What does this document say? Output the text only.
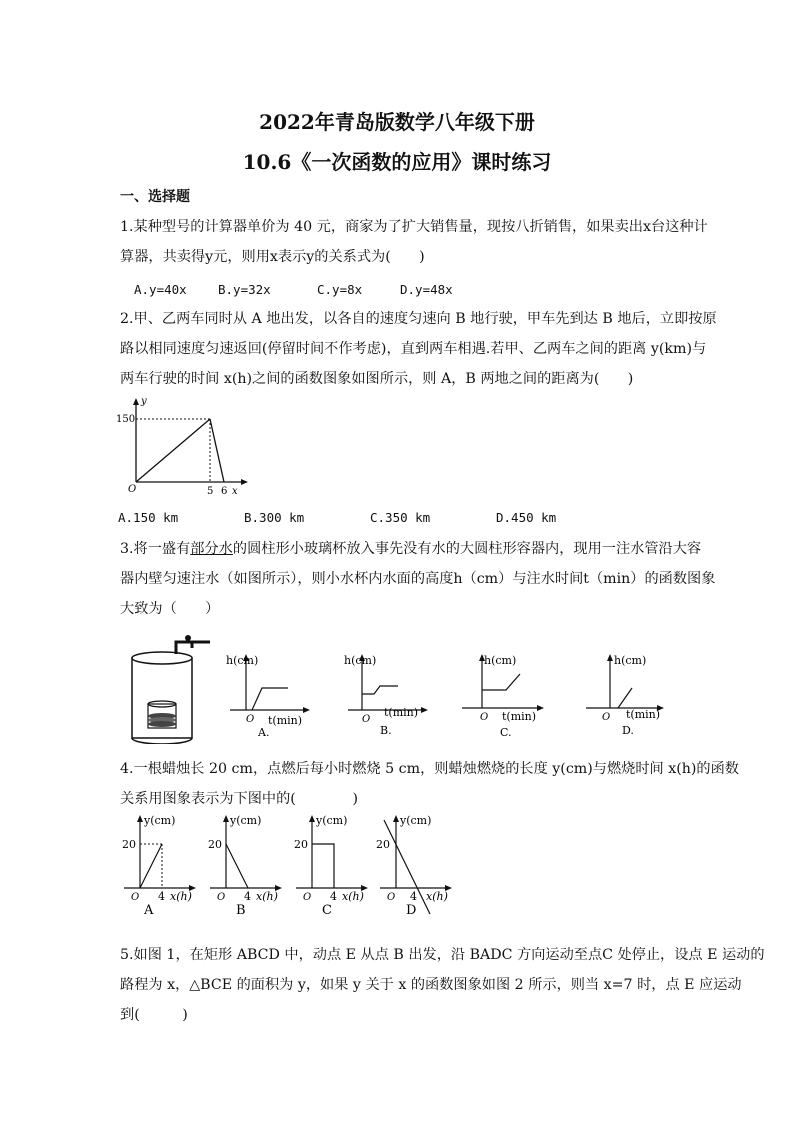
2022年青岛版数学八年级下册
10.6《一次函数的应用》课时练习
一、选择题
1.某种型号的计算器单价为 40 元，商家为了扩大销售量，现按八折销售，如果卖出x台这种计
算器，共卖得y元，则用x表示y的关系式为(　　)
A.y=40x	B.y=32x	C.y=8x	D.y=48x
2.甲、乙两车同时从 A 地出发，以各自的速度匀速向 B 地行驶，甲车先到达 B 地后，立即按原
路以相同速度匀速返回(停留时间不作考虑)，直到两车相遇.若甲、乙两车之间的距离 y(km)与
两车行驶的时间 x(h)之间的函数图象如图所示，则 A，B 两地之间的距离为(　　)
y
150
O	5 6 x
A.150 km	B.300 km	C.350 km	D.450 km
3.将一盛有部分水的圆柱形小玻璃杯放入事先没有水的大圆柱形容器内，现用一注水管沿大容
器内壁匀速注水（如图所示），则小水杯内水面的高度h（cm）与注水时间t（min）的函数图象
大致为（　　）
h(cm)
O t(min)
A.
h(cm)
O
t(min)
B.
h(cm)
O t(min)
C.
h(cm)
O t(min)
D.
4.一根蜡烛长 20 cm，点燃后每小时燃烧 5 cm，则蜡烛燃烧的长度 y(cm)与燃烧时间 x(h)的函数
关系用图象表示为下图中的(　　　　)
y(cm)
20
O 4 x(h)
A
y(cm)
20
O 4 x(h)
B
y(cm)
20
O 4 x(h)
C
y(cm)
20
O 4 x(h)
D
5.如图 1，在矩形 ABCD 中，动点 E 从点 B 出发，沿 BADC 方向运动至点C 处停止，设点 E 运动的
路程为 x，△BCE 的面积为 y，如果 y 关于 x 的函数图象如图 2 所示，则当 x=7 时，点 E 应运动
到(　　　)
